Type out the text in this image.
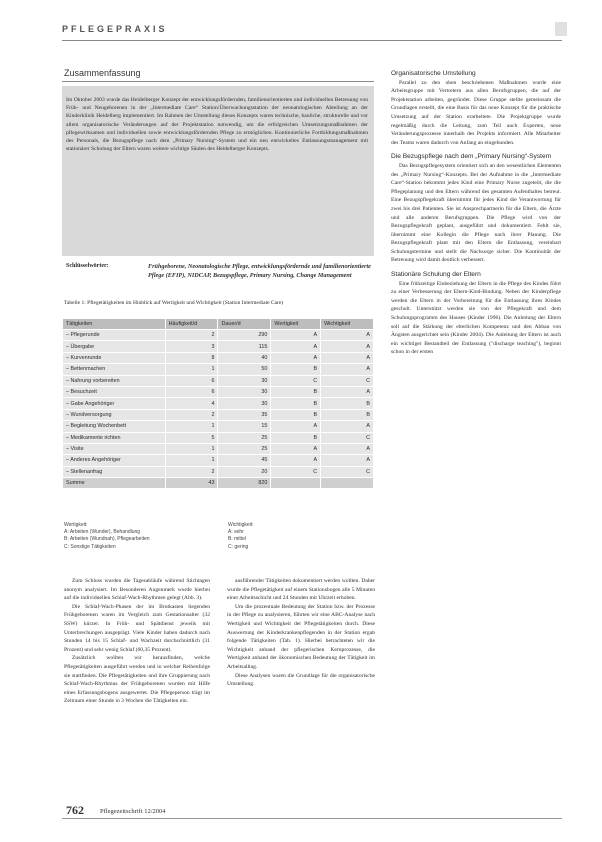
PFLEGEPRAXIS
Zusammenfassung
Im Oktober 2003 wurde das Heidelberger Konzept der entwicklungsfördernden, familienorientierten und individuellen Betreuung von Früh- und Neugeborenen in der „Intermediate Care“ Station/Überwachungsstation der neonatologischen Abteilung an der Kinderklinik Heidelberg implementiert. Im Rahmen der Umstellung dieses Konzepts waren technische, bauliche, strukturelle und vor allem organisatorische Veränderungen auf der Projektstation notwendig, um die erfolgreichen Umsetzungsmaßnahmen der pflegewirksamen und individuellen sowie entwicklungsfördernden Pflege zu ermöglichen. Kontinuierliche Fortbildungsmaßnahmen des Personals, die Bezugspflege nach dem „Primary Nursing“-System und ein neu entwickeltes Entlassungsmanagement mit stationärer Schulung der Eltern waren weitere wichtige Säulen des Heidelberger Konzepts.
Schlüsselwörter:	Frühgeborene, Neonatologische Pflege, entwicklungsfördernde und familienorientierte Pflege (EFIP), NIDCAP, Bezugspflege, Primary Nursing, Change Management
Tabelle 1: Pflegetätigkeiten im Hinblick auf Wertigkeit und Wichtigkeit (Station Intermediate Care)
Tätigkeiten	Häufigkeit/d	Dauer/d	Wertigkeit	Wichtigkeit
– Pflegerunde	2	290	A	A
– Übergabe	3	115	A	A
– Kurvenrunde	8	40	A	A
– Bettenmachen	1	50	B	A
– Nahrung vorbereiten	6	30	C	C
– Besuchzeit	6	30	B	A
– Gabe Angehöriger	4	30	B	B
– Wundversorgung	2	35	B	B
– Begleitung Wochenbett	1	15	A	A
– Medikamente richten	5	25	B	C
– Visite	1	25	A	A
– Anderes Angehöriger	1	45	A	A
– Stellenanfrag	2	20	C	C
Summe	43	820		
Wertigkeit:
A: Arbeiten (Wunder), Behandlung
B: Arbeiten (Wundnah), Pflegearbeiten
C: Sonstige Tätigkeiten
Wichtigkeit:
A: sehr
B: mittel
C: gering

Zum Schluss wurden die Tagesabläufe während Stichtagen anonym analysiert. Im Besonderen Augenmerk wurde hierbei auf die individuellen Schlaf-Wach-Rhythmen gelegt (Abb. 3).

Die Schlaf-Wach-Phasen der im Brutkasten liegenden Frühgeborenen waren im Vergleich zum Gestationsalter (32 SSW) kürzer. In Früh- und Spätdienst jeweils mit Unterbrechungen ausgeprägt. Viele Kinder haben dadurch nach Stunden 14 bis 15 Schlaf- und Wachzeit durchschnittlich (31 Prozent) und sehr wenig Schlaf (60,35 Prozent).

Zusätzlich wollten wir herausfinden, welche Pflegetätigkeiten ausgeführt werden und in welcher Reihenfolge sie stattfinden. Die Pflegetätigkeiten und ihre Gruppierung nach Schlaf-Wach-Rhythmus der Frühgeborenen wurden mit Hilfe eines Erfassungsbogens ausgewertet. Die Pflegeperson trägt im Zeitraum einer Stunde in 3 Wochen die Tätigkeiten ein.

ausführender Tätigkeiten dokumentiert werden wollten. Daher wurde die Pflegetätigkeit auf einem Stationsbogen alle 5 Minuten einer Arbeitsschicht und 24 Stunden mit Uhrzeit erhoben.

Um die prozentuale Bedeutung der Station bzw. der Prozesse in der Pflege zu analysieren, führten wir eine ABC-Analyse nach Wertigkeit und Wichtigkeit der Pflegetätigkeiten durch. Diese Auswertung der Kinderkrankenpflegenden in der Station ergab folgende Tätigkeiten (Tab. 1). Hierbei betrachteten wir die Wichtigkeit anhand der pflegerischen Kernprozesse, die Wertigkeit anhand der ökonomischen Bedeutung der Tätigkeit im Arbeitsalltag.

Diese Analysen waren die Grundlage für die organisatorische Umstellung.

Organisatorische Umstellung

Parallel zu den oben beschriebenen Maßnahmen wurde eine Arbeitsgruppe mit Vertretern aus allen Berufsgruppen, die auf der Projektstation arbeiten, gegründet. Diese Gruppe stellte gemeinsam die Grundlagen erstellt, die eine Basis für das neue Konzept für die praktische Umsetzung auf der Station erarbeitete. Die Projektgruppe wurde regelmäßig durch die Leitung, zum Teil auch Experten, neue Veränderungsprozesse innerhalb des Projekts informiert. Alle Mitarbeiter des Teams waren dadurch von Anfang an eingebunden.

Die Bezugspflege nach dem „Primary Nursing“-System

Das Bezugspflegesystem orientiert sich an den wesentlichen Elementen des „Primary Nursing“-Konzepts. Bei der Aufnahme in die „Intermediate Care“-Station bekommt jedes Kind eine Primary Nurse zugeteilt, die die Pflegeplanung und den Eltern während des gesamten Aufenthaltes betreut. Eine Bezugspflegekraft übernimmt für jedes Kind die Verantwortung für zwei bis drei Patienten. Sie ist Ansprechpartnerin für die Eltern, die Ärzte und alle anderen Berufsgruppen. Die Pflege wird von der Bezugspflegekraft geplant, ausgeführt und dokumentiert. Fehlt sie, übernimmt eine Kollegin die Pflege nach ihrer Planung. Die Bezugspflegekraft plant mit den Eltern die Entlassung, vereinbart Schulungstermine und stellt die Nachsorge sicher. Die Kontinuität der Betreuung wird damit deutlich verbessert.

Stationäre Schulung der Eltern

Eine frühzeitige Einbeziehung der Eltern in die Pflege des Kindes führt zu einer Verbesserung der Eltern-Kind-Bindung. Neben der Kinderpflege werden die Eltern in der Vorbereitung für die Entlassung ihres Kindes geschult. Unterstützt werden sie von der Pflegekraft und dem Schulungsprogramm des Hauses (Kinder 1996). Die Anleitung der Eltern soll auf die Stärkung der elterlichen Kompetenz und den Abbau von Ängsten ausgerichtet sein (Kinder 2004). Die Anleitung der Eltern ist auch ein wichtiger Bestandteil der Entlassung ("discharge teaching"), beginnt schon in der ersten

762 Pflegezeitschrift 12/2004
